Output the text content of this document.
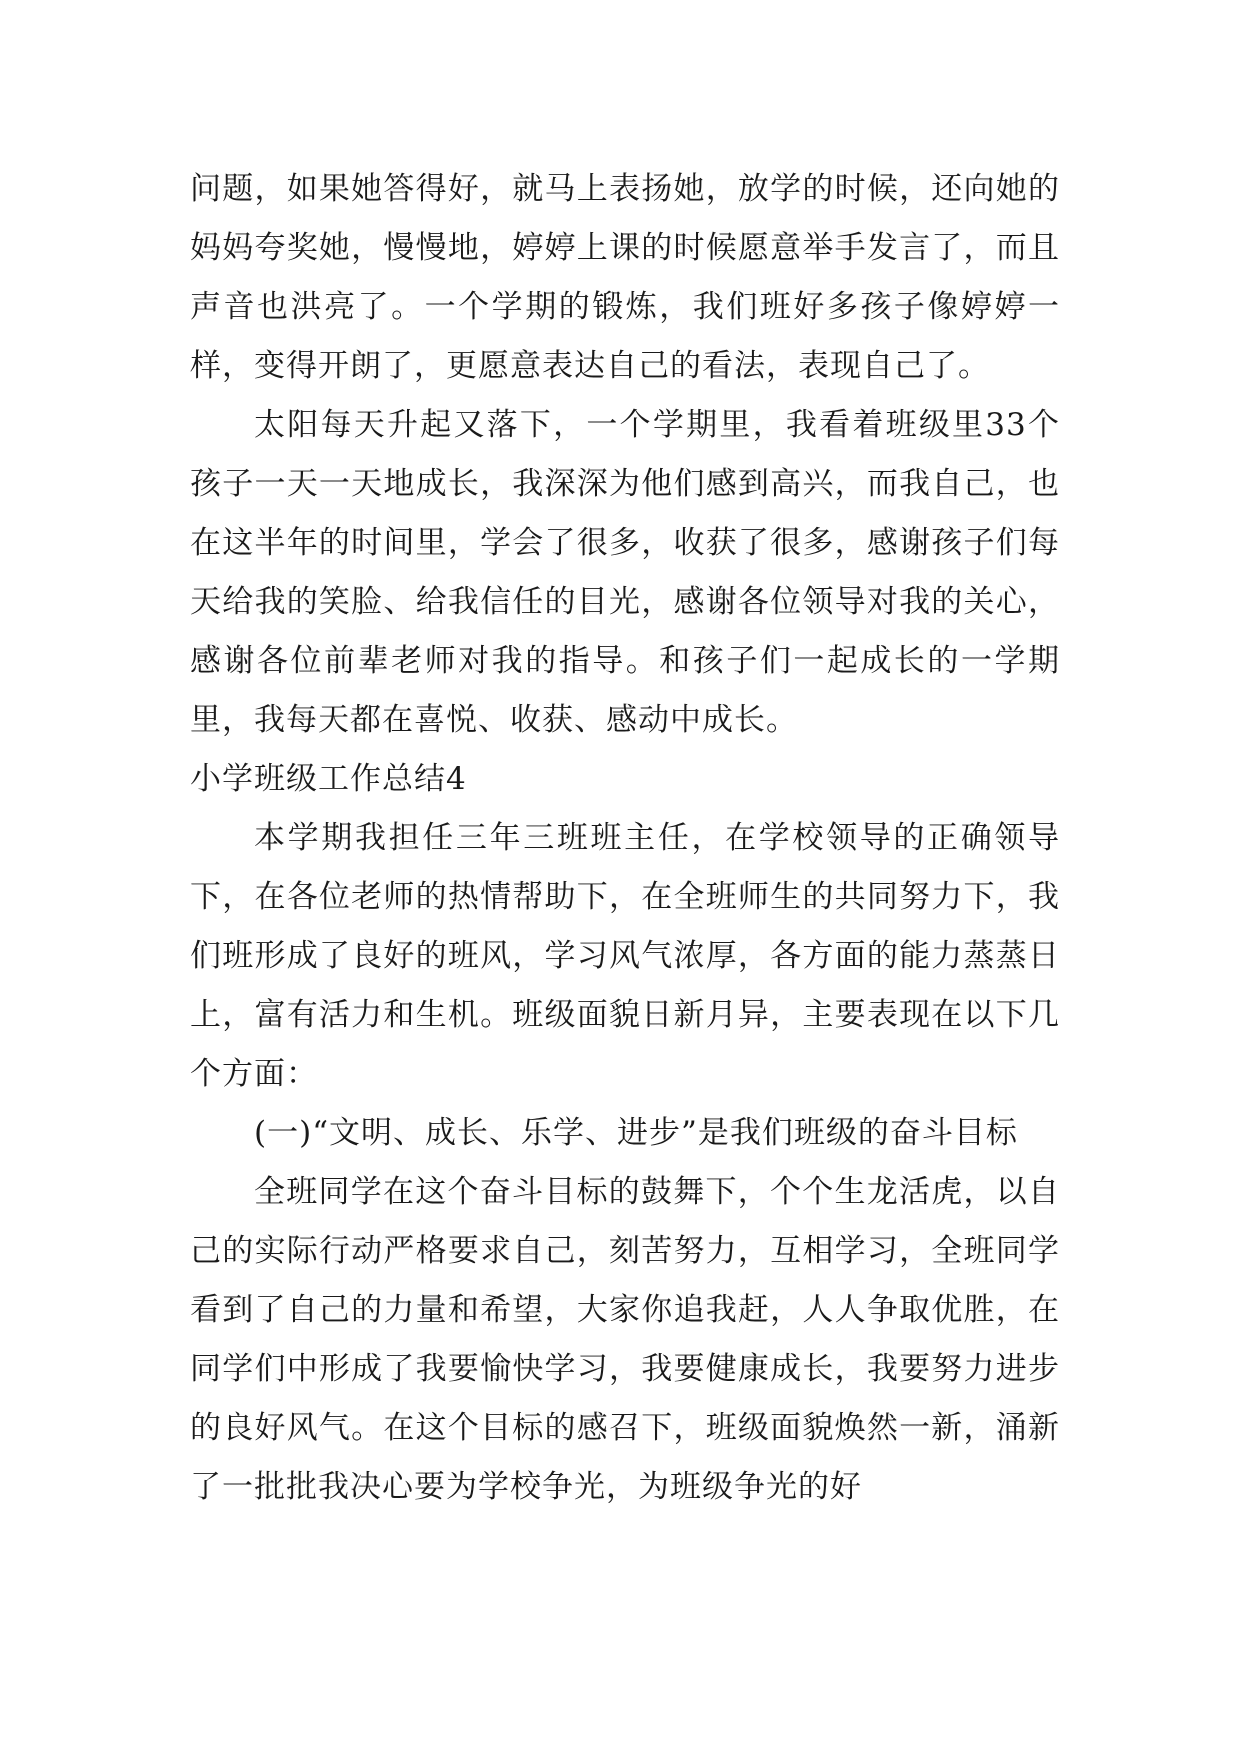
问题，如果她答得好，就马上表扬她，放学的时候，还向她的妈妈夸奖她，慢慢地，婷婷上课的时候愿意举手发言了，而且声音也洪亮了。一个学期的锻炼，我们班好多孩子像婷婷一样，变得开朗了，更愿意表达自己的看法，表现自己了。

太阳每天升起又落下，一个学期里，我看着班级里33个孩子一天一天地成长，我深深为他们感到高兴，而我自己，也在这半年的时间里，学会了很多，收获了很多，感谢孩子们每天给我的笑脸、给我信任的目光，感谢各位领导对我的关心，感谢各位前辈老师对我的指导。和孩子们一起成长的一学期里，我每天都在喜悦、收获、感动中成长。

小学班级工作总结4

本学期我担任三年三班班主任，在学校领导的正确领导下，在各位老师的热情帮助下，在全班师生的共同努力下，我们班形成了良好的班风，学习风气浓厚，各方面的能力蒸蒸日上，富有活力和生机。班级面貌日新月异，主要表现在以下几个方面：

(一)“文明、成长、乐学、进步”是我们班级的奋斗目标

全班同学在这个奋斗目标的鼓舞下，个个生龙活虎，以自己的实际行动严格要求自己，刻苦努力，互相学习，全班同学看到了自己的力量和希望，大家你追我赶，人人争取优胜，在同学们中形成了我要愉快学习，我要健康成长，我要努力进步的良好风气。在这个目标的感召下，班级面貌焕然一新，涌新了一批批我决心要为学校争光，为班级争光的好
